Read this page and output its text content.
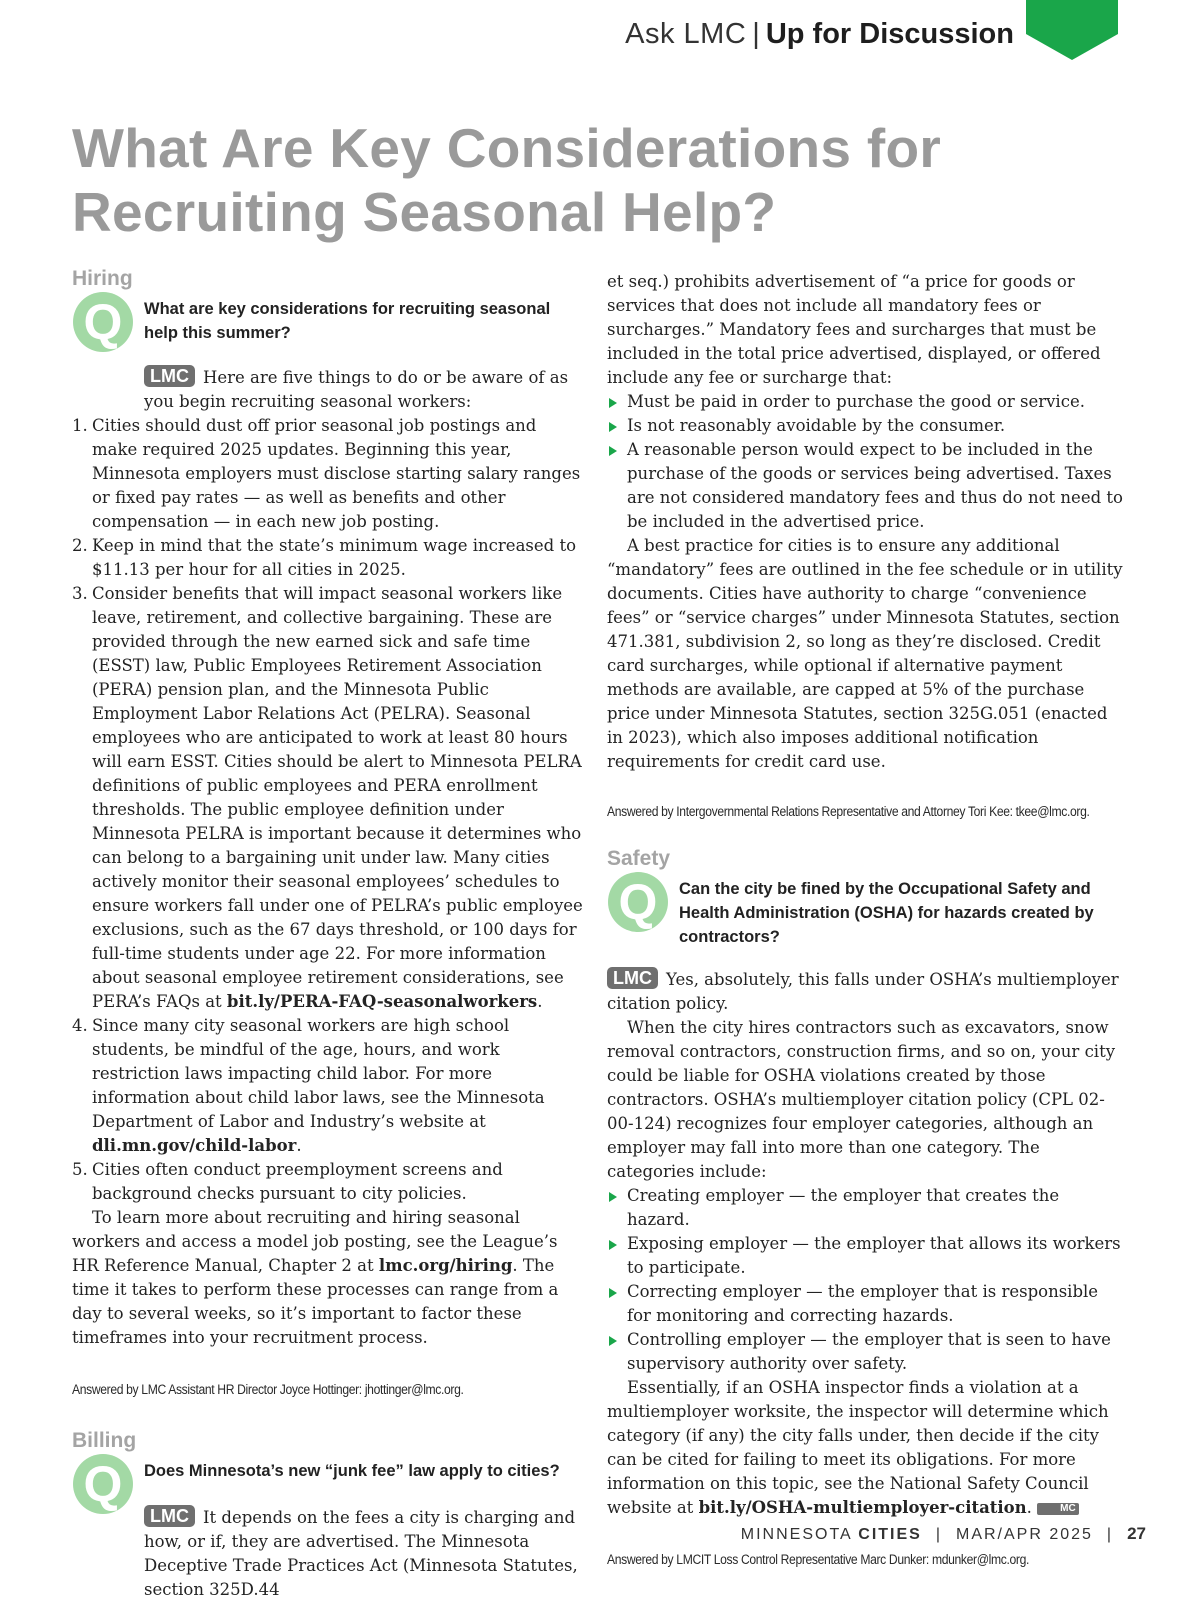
Ask LMC | Up for Discussion
What Are Key Considerations for Recruiting Seasonal Help?
Hiring
Q What are key considerations for recruiting seasonal help this summer?

LMC Here are five things to do or be aware of as you begin recruiting seasonal workers:

1. Cities should dust off prior seasonal job postings and make required 2025 updates. Beginning this year, Minnesota employers must disclose starting salary ranges or fixed pay rates — as well as benefits and other compensation — in each new job posting.
2. Keep in mind that the state’s minimum wage increased to $11.13 per hour for all cities in 2025.
3. Consider benefits that will impact seasonal workers like leave, retirement, and collective bargaining. These are provided through the new earned sick and safe time (ESST) law, Public Employees Retirement Association (PERA) pension plan, and the Minnesota Public Employment Labor Relations Act (PELRA). Seasonal employees who are anticipated to work at least 80 hours will earn ESST. Cities should be alert to Minnesota PELRA definitions of public employees and PERA enrollment thresholds. The public employee definition under Minnesota PELRA is important because it determines who can belong to a bargaining unit under law. Many cities actively monitor their seasonal employees’ schedules to ensure workers fall under one of PELRA’s public employee exclusions, such as the 67 days threshold, or 100 days for full-time students under age 22. For more information about seasonal employee retirement considerations, see PERA’s FAQs at bit.ly/PERA-FAQ-seasonalworkers.
4. Since many city seasonal workers are high school students, be mindful of the age, hours, and work restriction laws impacting child labor. For more information about child labor laws, see the Minnesota Department of Labor and Industry’s website at dli.mn.gov/child-labor.
5. Cities often conduct preemployment screens and background checks pursuant to city policies.

To learn more about recruiting and hiring seasonal workers and access a model job posting, see the League’s HR Reference Manual, Chapter 2 at lmc.org/hiring. The time it takes to perform these processes can range from a day to several weeks, so it’s important to factor these timeframes into your recruitment process.

Answered by LMC Assistant HR Director Joyce Hottinger: jhottinger@lmc.org.
Billing
Q Does Minnesota’s new “junk fee” law apply to cities?

LMC It depends on the fees a city is charging and how, or if, they are advertised. The Minnesota Deceptive Trade Practices Act (Minnesota Statutes, section 325D.44

et seq.) prohibits advertisement of “a price for goods or services that does not include all mandatory fees or surcharges.” Mandatory fees and surcharges that must be included in the total price advertised, displayed, or offered include any fee or surcharge that:

Must be paid in order to purchase the good or service.
Is not reasonably avoidable by the consumer.
A reasonable person would expect to be included in the purchase of the goods or services being advertised. Taxes are not considered mandatory fees and thus do not need to be included in the advertised price.

A best practice for cities is to ensure any additional “mandatory” fees are outlined in the fee schedule or in utility documents. Cities have authority to charge “convenience fees” or “service charges” under Minnesota Statutes, section 471.381, subdivision 2, so long as they’re disclosed. Credit card surcharges, while optional if alternative payment methods are available, are capped at 5% of the purchase price under Minnesota Statutes, section 325G.051 (enacted in 2023), which also imposes additional notification requirements for credit card use.

Answered by Intergovernmental Relations Representative and Attorney Tori Kee: tkee@lmc.org.
Safety
Q Can the city be fined by the Occupational Safety and Health Administration (OSHA) for hazards created by contractors?

LMC Yes, absolutely, this falls under OSHA’s multiemployer citation policy.

When the city hires contractors such as excavators, snow removal contractors, construction firms, and so on, your city could be liable for OSHA violations created by those contractors. OSHA’s multiemployer citation policy (CPL 02-00-124) recognizes four employer categories, although an employer may fall into more than one category. The categories include:

Creating employer — the employer that creates the hazard.
Exposing employer — the employer that allows its workers to participate.
Correcting employer — the employer that is responsible for monitoring and correcting hazards.
Controlling employer — the employer that is seen to have supervisory authority over safety.

Essentially, if an OSHA inspector finds a violation at a multiemployer worksite, the inspector will determine which category (if any) the city falls under, then decide if the city can be cited for failing to meet its obligations. For more information on this topic, see the National Safety Council website at bit.ly/OSHA-multiemployer-citation.	MC

Answered by LMCIT Loss Control Representative Marc Dunker: mdunker@lmc.org.
MINNESOTA CITIES | MAR/APR 2025 | 27
